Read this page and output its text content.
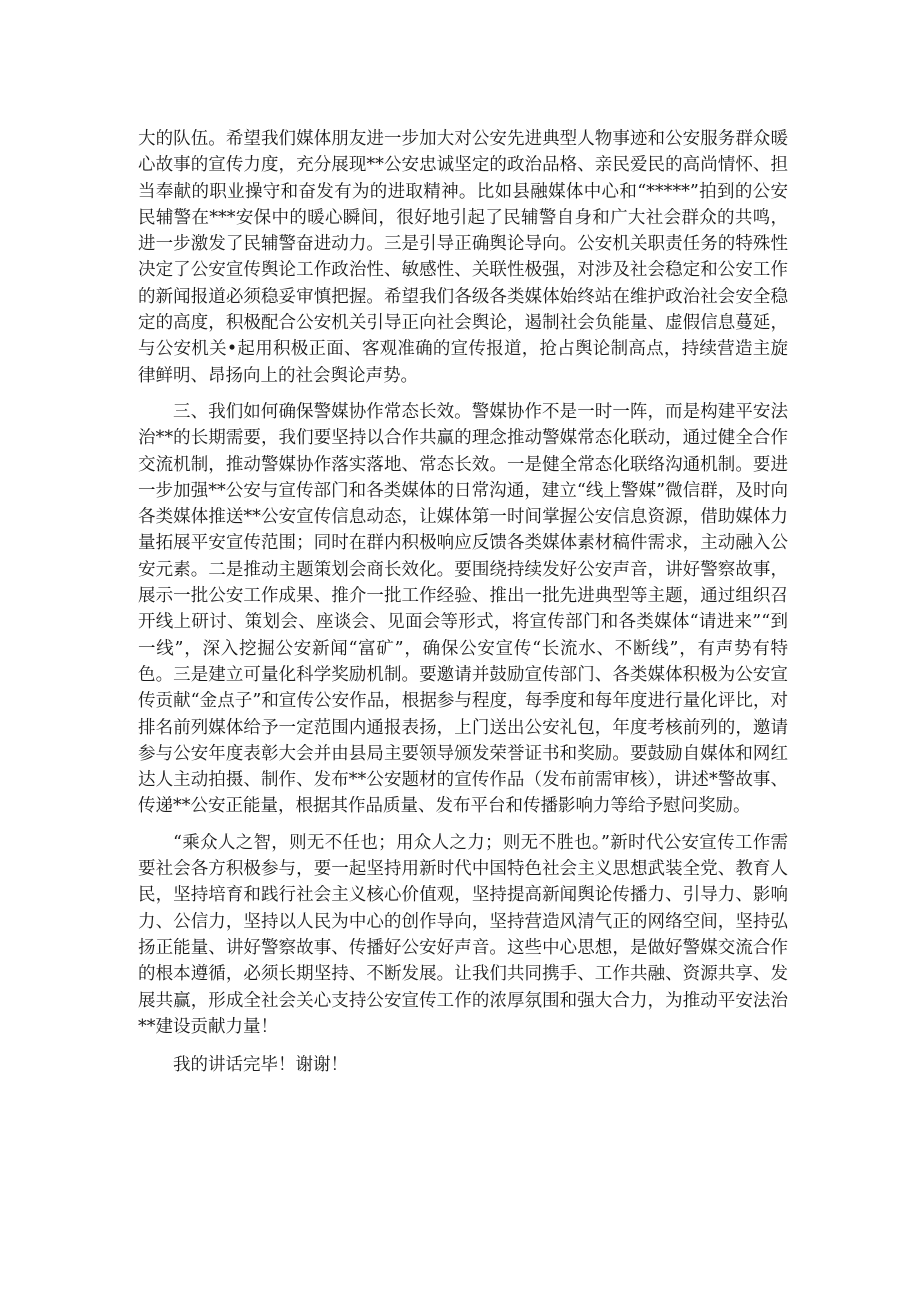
大的队伍。希望我们媒体朋友进一步加大对公安先进典型人物事迹和公安服务群众暖心故事的宣传力度，充分展现**公安忠诚坚定的政治品格、亲民爱民的高尚情怀、担当奉献的职业操守和奋发有为的进取精神。比如县融媒体中心和“*****”拍到的公安民辅警在***安保中的暖心瞬间，很好地引起了民辅警自身和广大社会群众的共鸣，进一步激发了民辅警奋进动力。三是引导正确舆论导向。公安机关职责任务的特殊性决定了公安宣传舆论工作政治性、敏感性、关联性极强，对涉及社会稳定和公安工作的新闻报道必须稳妥审慎把握。希望我们各级各类媒体始终站在维护政治社会安全稳定的高度，积极配合公安机关引导正向社会舆论，遏制社会负能量、虚假信息蔓延，与公安机关•起用积极正面、客观准确的宣传报道，抢占舆论制高点，持续营造主旋律鲜明、昂扬向上的社会舆论声势。

三、我们如何确保警媒协作常态长效。警媒协作不是一时一阵，而是构建平安法治**的长期需要，我们要坚持以合作共赢的理念推动警媒常态化联动，通过健全合作交流机制，推动警媒协作落实落地、常态长效。一是健全常态化联络沟通机制。要进一步加强**公安与宣传部门和各类媒体的日常沟通，建立“线上警媒”微信群，及时向各类媒体推送**公安宣传信息动态，让媒体第一时间掌握公安信息资源，借助媒体力量拓展平安宣传范围；同时在群内积极响应反馈各类媒体素材稿件需求，主动融入公安元素。二是推动主题策划会商长效化。要围绕持续发好公安声音，讲好警察故事，展示一批公安工作成果、推介一批工作经验、推出一批先进典型等主题，通过组织召开线上研讨、策划会、座谈会、见面会等形式，将宣传部门和各类媒体“请进来”“到一线”，深入挖掘公安新闻“富矿”，确保公安宣传“长流水、不断线”，有声势有特色。三是建立可量化科学奖励机制。要邀请并鼓励宣传部门、各类媒体积极为公安宣传贡献“金点子”和宣传公安作品，根据参与程度，每季度和每年度进行量化评比，对排名前列媒体给予一定范围内通报表扬，上门送出公安礼包，年度考核前列的，邀请参与公安年度表彰大会并由县局主要领导颁发荣誉证书和奖励。要鼓励自媒体和网红达人主动拍摄、制作、发布**公安题材的宣传作品（发布前需审核），讲述*警故事、传递**公安正能量，根据其作品质量、发布平台和传播影响力等给予慰问奖励。

“乘众人之智，则无不任也；用众人之力；则无不胜也。”新时代公安宣传工作需要社会各方积极参与，要一起坚持用新时代中国特色社会主义思想武装全党、教育人民，坚持培育和践行社会主义核心价值观，坚持提高新闻舆论传播力、引导力、影响力、公信力，坚持以人民为中心的创作导向，坚持营造风清气正的网络空间，坚持弘扬正能量、讲好警察故事、传播好公安好声音。这些中心思想，是做好警媒交流合作的根本遵循，必须长期坚持、不断发展。让我们共同携手、工作共融、资源共享、发展共赢，形成全社会关心支持公安宣传工作的浓厚氛围和强大合力，为推动平安法治**建设贡献力量！

我的讲话完毕！谢谢！
